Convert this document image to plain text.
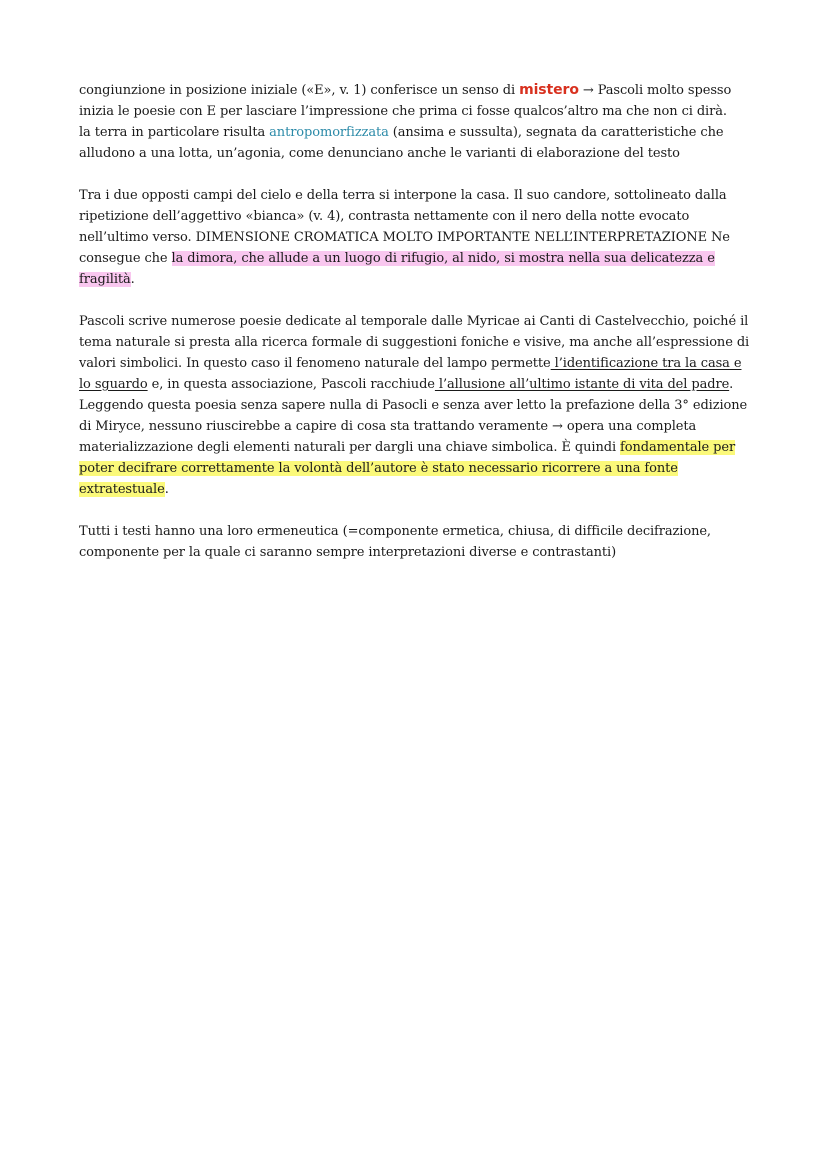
congiunzione in posizione iniziale («E», v. 1) conferisce un senso di mistero → Pascoli molto spesso inizia le poesie con E per lasciare l’impressione che prima ci fosse qualcos’altro ma che non ci dirà.

la terra in particolare risulta antropomorfizzata (ansima e sussulta), segnata da caratteristiche che alludono a una lotta, un’agonia, come denunciano anche le varianti di elaborazione del testo

Tra i due opposti campi del cielo e della terra si interpone la casa. Il suo candore, sottolineato dalla ripetizione dell’aggettivo «bianca» (v. 4), contrasta nettamente con il nero della notte evocato nell’ultimo verso. DIMENSIONE CROMATICA MOLTO IMPORTANTE NELL’INTERPRETAZIONE Ne consegue che la dimora, che allude a un luogo di rifugio, al nido, si mostra nella sua delicatezza e fragilità.

Pascoli scrive numerose poesie dedicate al temporale dalle Myricae ai Canti di Castelvecchio, poiché il tema naturale si presta alla ricerca formale di suggestioni foniche e visive, ma anche all’espressione di valori simbolici. In questo caso il fenomeno naturale del lampo permette l’identificazione tra la casa e lo sguardo e, in questa associazione, Pascoli racchiude l’allusione all’ultimo istante di vita del padre.

Leggendo questa poesia senza sapere nulla di Pasocli e senza aver letto la prefazione della 3° edizione di Miryce, nessuno riuscirebbe a capire di cosa sta trattando veramente → opera una completa materializzazione degli elementi naturali per dargli una chiave simbolica. È quindi fondamentale per poter decifrare correttamente la volontà dell’autore è stato necessario ricorrere a una fonte extratestuale.

Tutti i testi hanno una loro ermeneutica (=componente ermetica, chiusa, di difficile decifrazione, componente per la quale ci saranno sempre interpretazioni diverse e contrastanti)
